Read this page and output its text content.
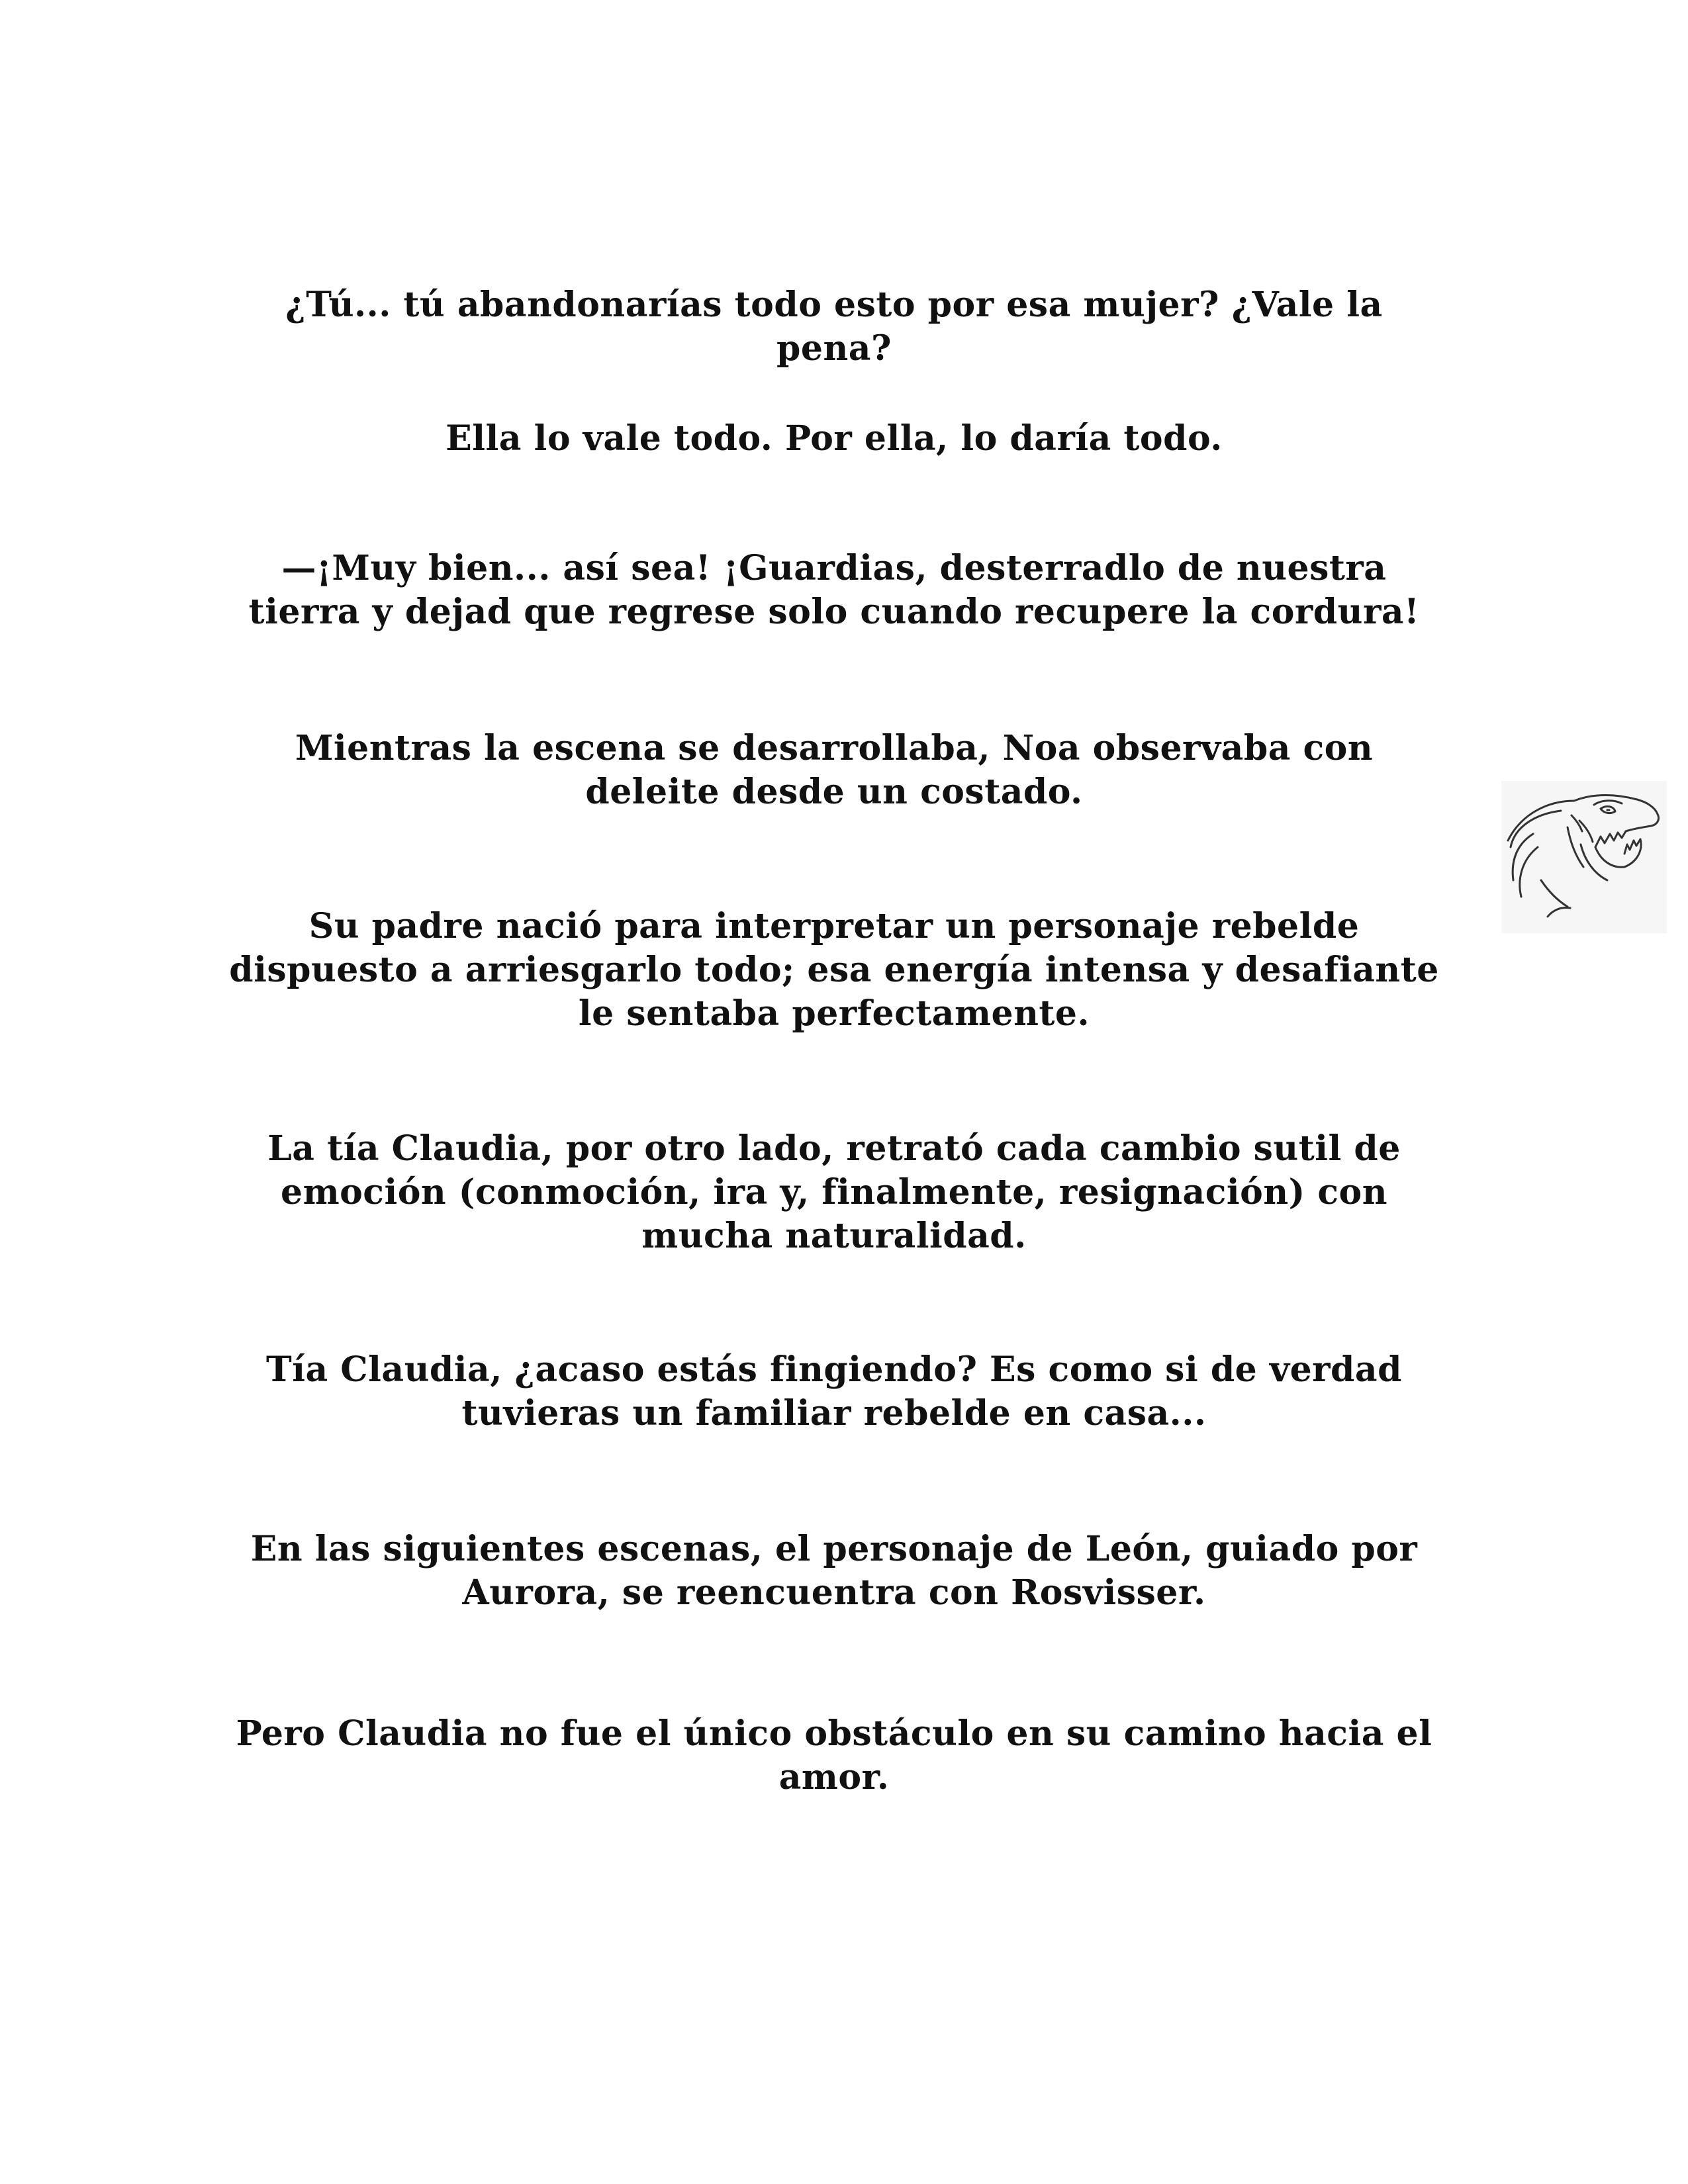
¿Tú... tú abandonarías todo esto por esa mujer? ¿Vale la pena?

Ella lo vale todo. Por ella, lo daría todo.

—¡Muy bien... así sea! ¡Guardias, desterradlo de nuestra tierra y dejad que regrese solo cuando recupere la cordura!

Mientras la escena se desarrollaba, Noa observaba con deleite desde un costado.

Su padre nació para interpretar un personaje rebelde dispuesto a arriesgarlo todo; esa energía intensa y desafiante le sentaba perfectamente.

La tía Claudia, por otro lado, retrató cada cambio sutil de emoción (conmoción, ira y, finalmente, resignación) con mucha naturalidad.

Tía Claudia, ¿acaso estás fingiendo? Es como si de verdad tuvieras un familiar rebelde en casa...

En las siguientes escenas, el personaje de León, guiado por Aurora, se reencuentra con Rosvisser.

Pero Claudia no fue el único obstáculo en su camino hacia el amor.
